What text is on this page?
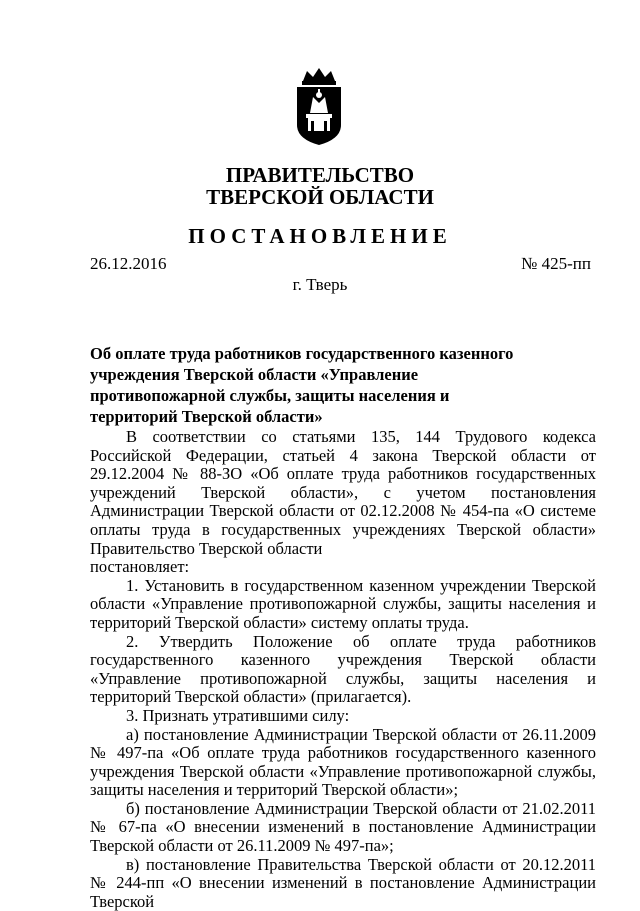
ПРАВИТЕЛЬСТВО
ТВЕРСКОЙ ОБЛАСТИ
ПОСТАНОВЛЕНИЕ
26.12.2016	№ 425-пп
г. Тверь
Об оплате труда работников государственного казенного учреждения Тверской области «Управление противопожарной службы, защиты населения и территорий Тверской области»

В соответствии со статьями 135, 144 Трудового кодекса Российской Федерации, статьей 4 закона Тверской области от 29.12.2004 № 88-ЗО «Об оплате труда работников государственных учреждений Тверской области», с учетом постановления Администрации Тверской области от 02.12.2008 № 454-па «О системе оплаты труда в государственных учреждениях Тверской области» Правительство Тверской области

постановляет:

1. Установить в государственном казенном учреждении Тверской области «Управление противопожарной службы, защиты населения и территорий Тверской области» систему оплаты труда.

2. Утвердить Положение об оплате труда работников государственного казенного учреждения Тверской области «Управление противопожарной службы, защиты населения и территорий Тверской области» (прилагается).

3. Признать утратившими силу:

а) постановление Администрации Тверской области от 26.11.2009 № 497-па «Об оплате труда работников государственного казенного учреждения Тверской области «Управление противопожарной службы, защиты населения и территорий Тверской области»;

б) постановление Администрации Тверской области от 21.02.2011 № 67-па «О внесении изменений в постановление Администрации Тверской области от 26.11.2009 № 497-па»;

в) постановление Правительства Тверской области от 20.12.2011 № 244-пп «О внесении изменений в постановление Администрации Тверской
